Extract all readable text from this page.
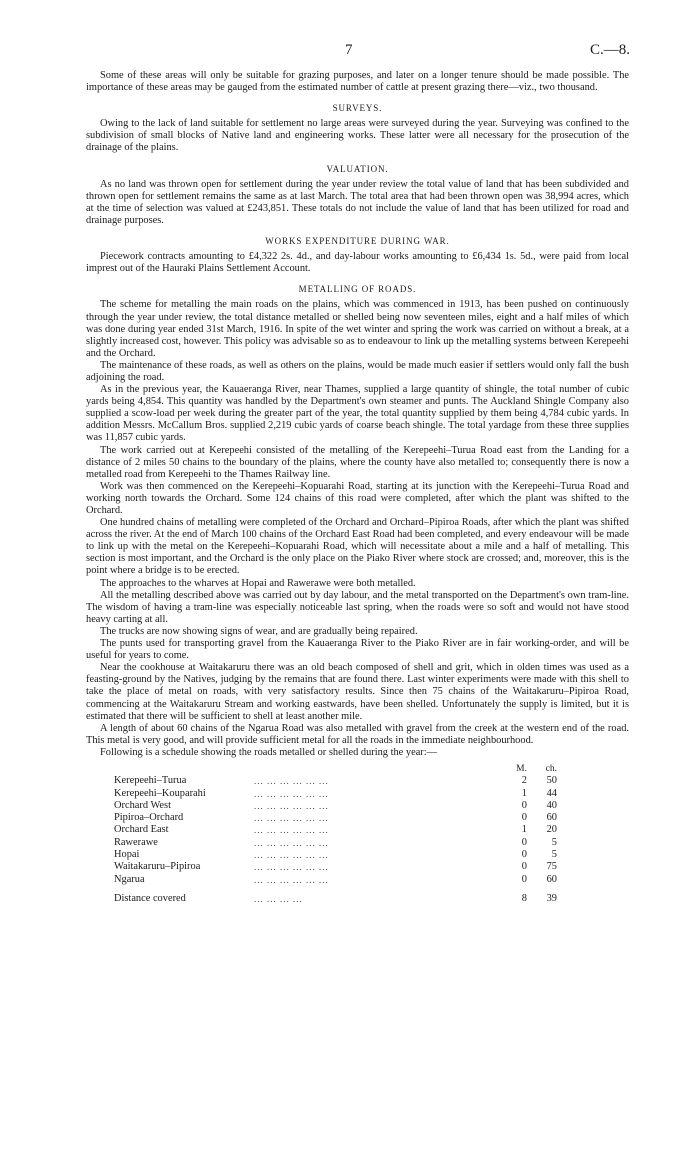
7	C.—8.

Some of these areas will only be suitable for grazing purposes, and later on a longer tenure should be made possible. The importance of these areas may be gauged from the estimated number of cattle at present grazing there—viz., two thousand.

SURVEYS.

Owing to the lack of land suitable for settlement no large areas were surveyed during the year. Surveying was confined to the subdivision of small blocks of Native land and engineering works. These latter were all necessary for the prosecution of the drainage of the plains.

VALUATION.

As no land was thrown open for settlement during the year under review the total value of land that has been subdivided and thrown open for settlement remains the same as at last March. The total area that had been thrown open was 38,994 acres, which at the time of selection was valued at £243,851. These totals do not include the value of land that has been utilized for road and drainage purposes.

WORKS EXPENDITURE DURING WAR.

Piecework contracts amounting to £4,322 2s. 4d., and day-labour works amounting to £6,434 1s. 5d., were paid from local imprest out of the Hauraki Plains Settlement Account.

METALLING OF ROADS.

The scheme for metalling the main roads on the plains, which was commenced in 1913, has been pushed on continuously through the year under review, the total distance metalled or shelled being now seventeen miles, eight and a half miles of which was done during year ended 31st March, 1916. In spite of the wet winter and spring the work was carried on without a break, at a slightly increased cost, however. This policy was advisable so as to endeavour to link up the metalling systems between Kerepeehi and the Orchard.

The maintenance of these roads, as well as others on the plains, would be made much easier if settlers would only fall the bush adjoining the road.

As in the previous year, the Kauaeranga River, near Thames, supplied a large quantity of shingle, the total number of cubic yards being 4,854. This quantity was handled by the Department's own steamer and punts. The Auckland Shingle Company also supplied a scow-load per week during the greater part of the year, the total quantity supplied by them being 4,784 cubic yards. In addition Messrs. McCallum Bros. supplied 2,219 cubic yards of coarse beach shingle. The total yardage from these three supplies was 11,857 cubic yards.

The work carried out at Kerepeehi consisted of the metalling of the Kerepeehi–Turua Road east from the Landing for a distance of 2 miles 50 chains to the boundary of the plains, where the county have also metalled to; consequently there is now a metalled road from Kerepeehi to the Thames Railway line.

Work was then commenced on the Kerepeehi–Kopuarahi Road, starting at its junction with the Kerepeehi–Turua Road and working north towards the Orchard. Some 124 chains of this road were completed, after which the plant was shifted to the Orchard.

One hundred chains of metalling were completed of the Orchard and Orchard–Pipiroa Roads, after which the plant was shifted across the river. At the end of March 100 chains of the Orchard East Road had been completed, and every endeavour will be made to link up with the metal on the Kerepeehi–Kopuarahi Road, which will necessitate about a mile and a half of metalling. This section is most important, and the Orchard is the only place on the Piako River where stock are crossed; and, moreover, this is the point where a bridge is to be erected.

The approaches to the wharves at Hopai and Rawerawe were both metalled.

All the metalling described above was carried out by day labour, and the metal transported on the Department's own tram-line. The wisdom of having a tram-line was especially noticeable last spring, when the roads were so soft and would not have stood heavy carting at all.

The trucks are now showing signs of wear, and are gradually being repaired.

The punts used for transporting gravel from the Kauaeranga River to the Piako River are in fair working-order, and will be useful for years to come.

Near the cookhouse at Waitakaruru there was an old beach composed of shell and grit, which in olden times was used as a feasting-ground by the Natives, judging by the remains that are found there. Last winter experiments were made with this shell to take the place of metal on roads, with very satisfactory results. Since then 75 chains of the Waitakaruru–Pipiroa Road, commencing at the Waitakaruru Stream and working eastwards, have been shelled. Unfortunately the supply is limited, but it is estimated that there will be sufficient to shell at least another mile.

A length of about 60 chains of the Ngarua Road was also metalled with gravel from the creek at the western end of the road. This metal is very good, and will provide sufficient metal for all the roads in the immediate neighbourhood.

Following is a schedule showing the roads metalled or shelled during the year:—

		M.	ch.
Kerepeehi–Turua	... ... ... ... ... ...	2	50
Kerepeehi–Kouparahi	... ... ... ... ... ...	1	44
Orchard West	... ... ... ... ... ...	0	40
Pipiroa–Orchard	... ... ... ... ... ...	0	60
Orchard East	... ... ... ... ... ...	1	20
Rawerawe	... ... ... ... ... ...	0	5
Hopai	... ... ... ... ... ...	0	5
Waitakaruru–Pipiroa	... ... ... ... ... ...	0	75
Ngarua	... ... ... ... ... ...	0	60
Distance covered	... ... ... ...	8	39
